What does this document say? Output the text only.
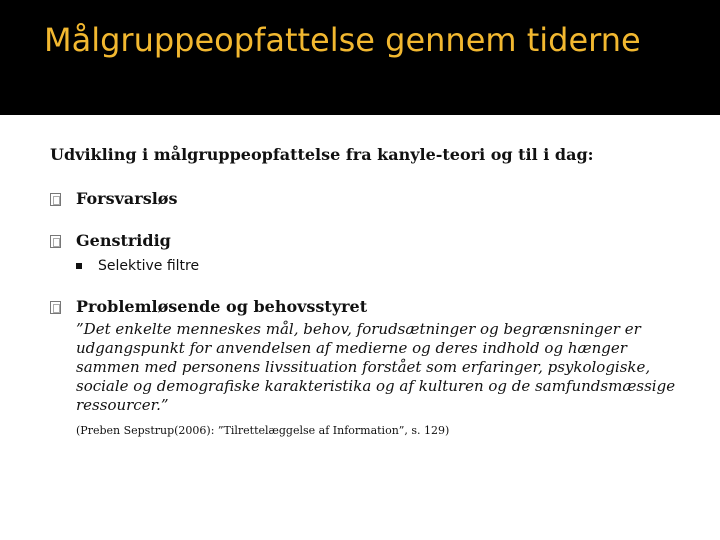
Målgruppeopfattelse gennem tiderne

Udvikling i målgruppeopfattelse fra kanyle-teori og til i dag:

Forsvarsløs
Genstridig
Selektive filtre
Problemløsende og behovsstyret
”Det enkelte menneskes mål, behov, forudsætninger og begrænsninger er udgangspunkt for anvendelsen af medierne og deres indhold og hænger sammen med personens livssituation forstået som erfaringer, psykologiske, sociale og demografiske karakteristika og af kulturen og de samfundsmæssige ressourcer.”
(Preben Sepstrup(2006): ”Tilrettelæggelse af Information”, s. 129)
